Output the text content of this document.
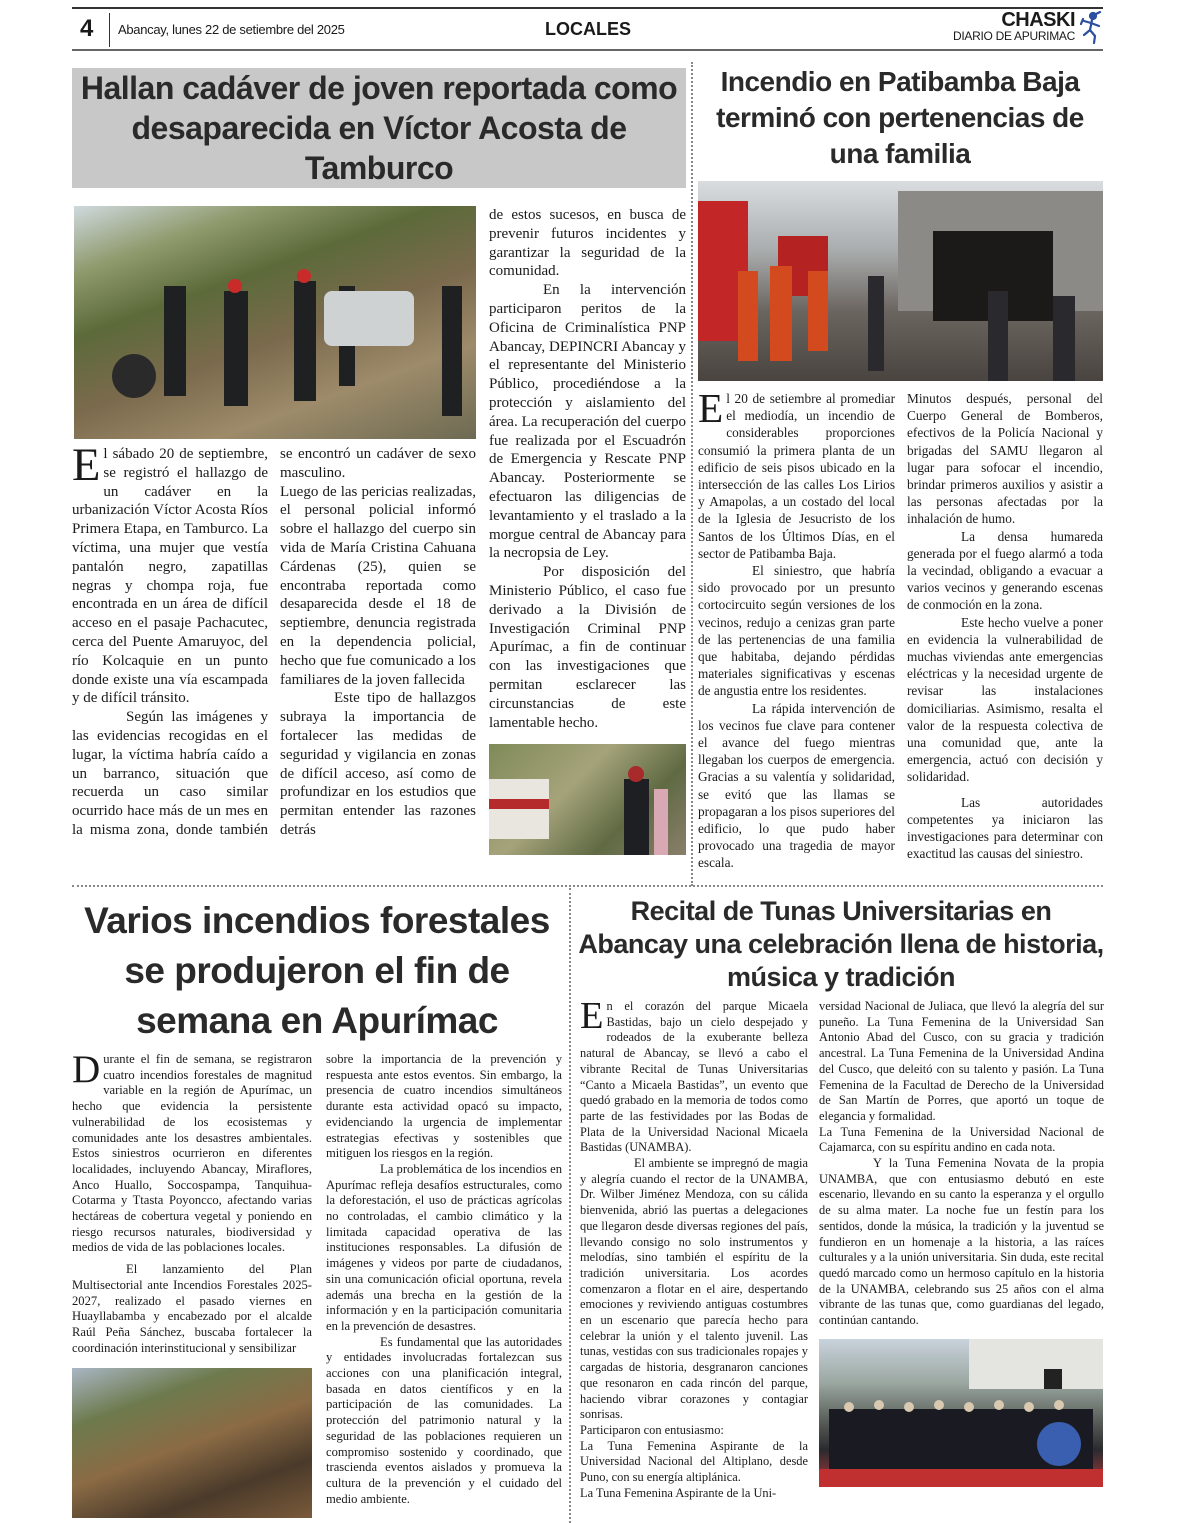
4 Abancay, lunes 22 de setiembre del 2025	LOCALES	CHASKI
DIARIO DE APURIMAC
Hallan cadáver de joven reportada como desaparecida en Víctor Acosta de Tamburco

El sábado 20 de septiembre, se registró el hallazgo de un cadáver en la urbanización Víctor Acosta Ríos Primera Etapa, en Tamburco. La víctima, una mujer que vestía pantalón negro, zapatillas negras y chompa roja, fue encontrada en un área de difícil acceso en el pasaje Pachacutec, cerca del Puente Amaruyoc, del río Kolcaquie en un punto donde existe una vía escampada y de difícil tránsito.

Según las imágenes y las evidencias recogidas en el lugar, la víctima habría caído a un barranco, situación que recuerda un caso similar ocurrido hace más de un mes en la misma zona, donde también se encontró un cadáver de sexo masculino.

Luego de las pericias realizadas, el personal policial informó sobre el hallazgo del cuerpo sin vida de María Cristina Cahuana Cárdenas (25), quien se encontraba reportada como desaparecida desde el 18 de septiembre, denuncia registrada en la dependencia policial, hecho que fue comunicado a los familiares de la joven fallecida

Este tipo de hallazgos subraya la importancia de fortalecer las medidas de seguridad y vigilancia en zonas de difícil acceso, así como de profundizar en los estudios que permitan entender las razones detrás

de estos sucesos, en busca de prevenir futuros incidentes y garantizar la seguridad de la comunidad.

En la intervención participaron peritos de la Oficina de Criminalística PNP Abancay, DEPINCRI Abancay y el representante del Ministerio Público, procediéndose a la protección y aislamiento del área. La recuperación del cuerpo fue realizada por el Escuadrón de Emergencia y Rescate PNP Abancay. Posteriormente se efectuaron las diligencias de levantamiento y el traslado a la morgue central de Abancay para la necropsia de Ley.

Por disposición del Ministerio Público, el caso fue derivado a la División de Investigación Criminal PNP Apurímac, a fin de continuar con las investigaciones que permitan esclarecer las circunstancias de este lamentable hecho.

Incendio en Patibamba Baja terminó con pertenencias de una familia

El 20 de setiembre al promediar el mediodía, un incendio de considerables proporciones consumió la primera planta de un edificio de seis pisos ubicado en la intersección de las calles Los Lirios y Amapolas, a un costado del local de la Iglesia de Jesucristo de los Santos de los Últimos Días, en el sector de Patibamba Baja.

El siniestro, que habría sido provocado por un presunto cortocircuito según versiones de los vecinos, redujo a cenizas gran parte de las pertenencias de una familia que habitaba, dejando pérdidas materiales significativas y escenas de angustia entre los residentes.

La rápida intervención de los vecinos fue clave para contener el avance del fuego mientras llegaban los cuerpos de emergencia. Gracias a su valentía y solidaridad, se evitó que las llamas se propagaran a los pisos superiores del edificio, lo que pudo haber provocado una tragedia de mayor escala.

Minutos después, personal del Cuerpo General de Bomberos, efectivos de la Policía Nacional y brigadas del SAMU llegaron al lugar para sofocar el incendio, brindar primeros auxilios y asistir a las personas afectadas por la inhalación de humo.

La densa humareda generada por el fuego alarmó a toda la vecindad, obligando a evacuar a varios vecinos y generando escenas de conmoción en la zona.

Este hecho vuelve a poner en evidencia la vulnerabilidad de muchas viviendas ante emergencias eléctricas y la necesidad urgente de revisar las instalaciones domiciliarias. Asimismo, resalta el valor de la respuesta colectiva de una comunidad que, ante la emergencia, actuó con decisión y solidaridad.

Las autoridades competentes ya iniciaron las investigaciones para determinar con exactitud las causas del siniestro.

Varios incendios forestales se produjeron el fin de semana en Apurímac

Durante el fin de semana, se registraron cuatro incendios forestales de magnitud variable en la región de Apurímac, un hecho que evidencia la persistente vulnerabilidad de los ecosistemas y comunidades ante los desastres ambientales. Estos siniestros ocurrieron en diferentes localidades, incluyendo Abancay, Miraflores, Anco Huallo, Soccospampa, Tanquihua-Cotarma y Ttasta Poyoncco, afectando varias hectáreas de cobertura vegetal y poniendo en riesgo recursos naturales, biodiversidad y medios de vida de las poblaciones locales.

El lanzamiento del Plan Multisectorial ante Incendios Forestales 2025-2027, realizado el pasado viernes en Huayllabamba y encabezado por el alcalde Raúl Peña Sánchez, buscaba fortalecer la coordinación interinstitucional y sensibilizar

sobre la importancia de la prevención y respuesta ante estos eventos. Sin embargo, la presencia de cuatro incendios simultáneos durante esta actividad opacó su impacto, evidenciando la urgencia de implementar estrategias efectivas y sostenibles que mitiguen los riesgos en la región.

La problemática de los incendios en Apurímac refleja desafíos estructurales, como la deforestación, el uso de prácticas agrícolas no controladas, el cambio climático y la limitada capacidad operativa de las instituciones responsables. La difusión de imágenes y videos por parte de ciudadanos, sin una comunicación oficial oportuna, revela además una brecha en la gestión de la información y en la participación comunitaria en la prevención de desastres.

Es fundamental que las autoridades y entidades involucradas fortalezcan sus acciones con una planificación integral, basada en datos científicos y en la participación de las comunidades. La protección del patrimonio natural y la seguridad de las poblaciones requieren un compromiso sostenido y coordinado, que trascienda eventos aislados y promueva la cultura de la prevención y el cuidado del medio ambiente.

Recital de Tunas Universitarias en Abancay una celebración llena de historia, música y tradición

En el corazón del parque Micaela Bastidas, bajo un cielo despejado y rodeados de la exuberante belleza natural de Abancay, se llevó a cabo el vibrante Recital de Tunas Universitarias “Canto a Micaela Bastidas”, un evento que quedó grabado en la memoria de todos como parte de las festividades por las Bodas de Plata de la Universidad Nacional Micaela Bastidas (UNAMBA).

El ambiente se impregnó de magia y alegría cuando el rector de la UNAMBA, Dr. Wilber Jiménez Mendoza, con su cálida bienvenida, abrió las puertas a delegaciones que llegaron desde diversas regiones del país, llevando consigo no solo instrumentos y melodías, sino también el espíritu de la tradición universitaria. Los acordes comenzaron a flotar en el aire, despertando emociones y reviviendo antiguas costumbres en un escenario que parecía hecho para celebrar la unión y el talento juvenil. Las tunas, vestidas con sus tradicionales ropajes y cargadas de historia, desgranaron canciones que resonaron en cada rincón del parque, haciendo vibrar corazones y contagiar sonrisas.

Participaron con entusiasmo:

La Tuna Femenina Aspirante de la Universidad Nacional del Altiplano, desde Puno, con su energía altiplánica.

La Tuna Femenina Aspirante de la Uni-

versidad Nacional de Juliaca, que llevó la alegría del sur puneño. La Tuna Femenina de la Universidad San Antonio Abad del Cusco, con su gracia y tradición ancestral. La Tuna Femenina de la Universidad Andina del Cusco, que deleitó con su talento y pasión. La Tuna Femenina de la Facultad de Derecho de la Universidad de San Martín de Porres, que aportó un toque de elegancia y formalidad.

La Tuna Femenina de la Universidad Nacional de Cajamarca, con su espíritu andino en cada nota.

Y la Tuna Femenina Novata de la propia UNAMBA, que con entusiasmo debutó en este escenario, llevando en su canto la esperanza y el orgullo de su alma mater. La noche fue un festín para los sentidos, donde la música, la tradición y la juventud se fundieron en un homenaje a la historia, a las raíces culturales y a la unión universitaria. Sin duda, este recital quedó marcado como un hermoso capítulo en la historia de la UNAMBA, celebrando sus 25 años con el alma vibrante de las tunas que, como guardianas del legado, continúan cantando.
